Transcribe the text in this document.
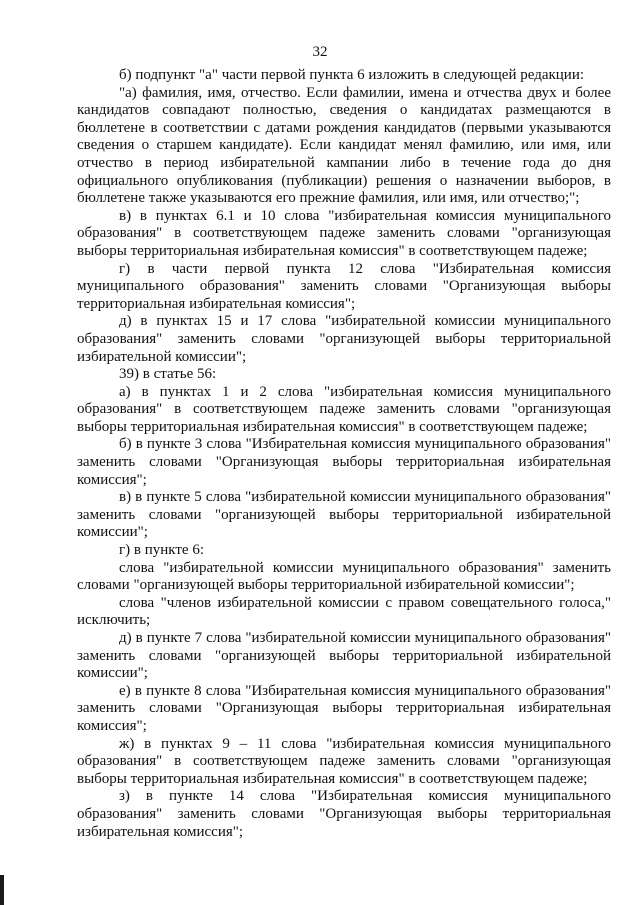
32

б) подпункт "а" части первой пункта 6 изложить в следующей редакции:

"а) фамилия, имя, отчество. Если фамилии, имена и отчества двух и более кандидатов совпадают полностью, сведения о кандидатах размещаются в бюллетене в соответствии с датами рождения кандидатов (первыми указываются сведения о старшем кандидате). Если кандидат менял фамилию, или имя, или отчество в период избирательной кампании либо в течение года до дня официального опубликования (публикации) решения о назначении выборов, в бюллетене также указываются его прежние фамилия, или имя, или отчество;";

в) в пунктах 6.1 и 10 слова "избирательная комиссия муниципального образования" в соответствующем падеже заменить словами "организующая выборы территориальная избирательная комиссия" в соответствующем падеже;

г) в части первой пункта 12 слова "Избирательная комиссия муниципального образования" заменить словами "Организующая выборы территориальная избирательная комиссия";

д) в пунктах 15 и 17 слова "избирательной комиссии муниципального образования" заменить словами "организующей выборы территориальной избирательной комиссии";

39) в статье 56:

а) в пунктах 1 и 2 слова "избирательная комиссия муниципального образования" в соответствующем падеже заменить словами "организующая выборы территориальная избирательная комиссия" в соответствующем падеже;

б) в пункте 3 слова "Избирательная комиссия муниципального образования" заменить словами "Организующая выборы территориальная избирательная комиссия";

в) в пункте 5 слова "избирательной комиссии муниципального образования" заменить словами "организующей выборы территориальной избирательной комиссии";

г) в пункте 6:

слова "избирательной комиссии муниципального образования" заменить словами "организующей выборы территориальной избирательной комиссии";

слова "членов избирательной комиссии с правом совещательного голоса," исключить;

д) в пункте 7 слова "избирательной комиссии муниципального образования" заменить словами "организующей выборы территориальной избирательной комиссии";

е) в пункте 8 слова "Избирательная комиссия муниципального образования" заменить словами "Организующая выборы территориальная избирательная комиссия";

ж) в пунктах 9 – 11 слова "избирательная комиссия муниципального образования" в соответствующем падеже заменить словами "организующая выборы территориальная избирательная комиссия" в соответствующем падеже;

з) в пункте 14 слова "Избирательная комиссия муниципального образования" заменить словами "Организующая выборы территориальная избирательная комиссия";
